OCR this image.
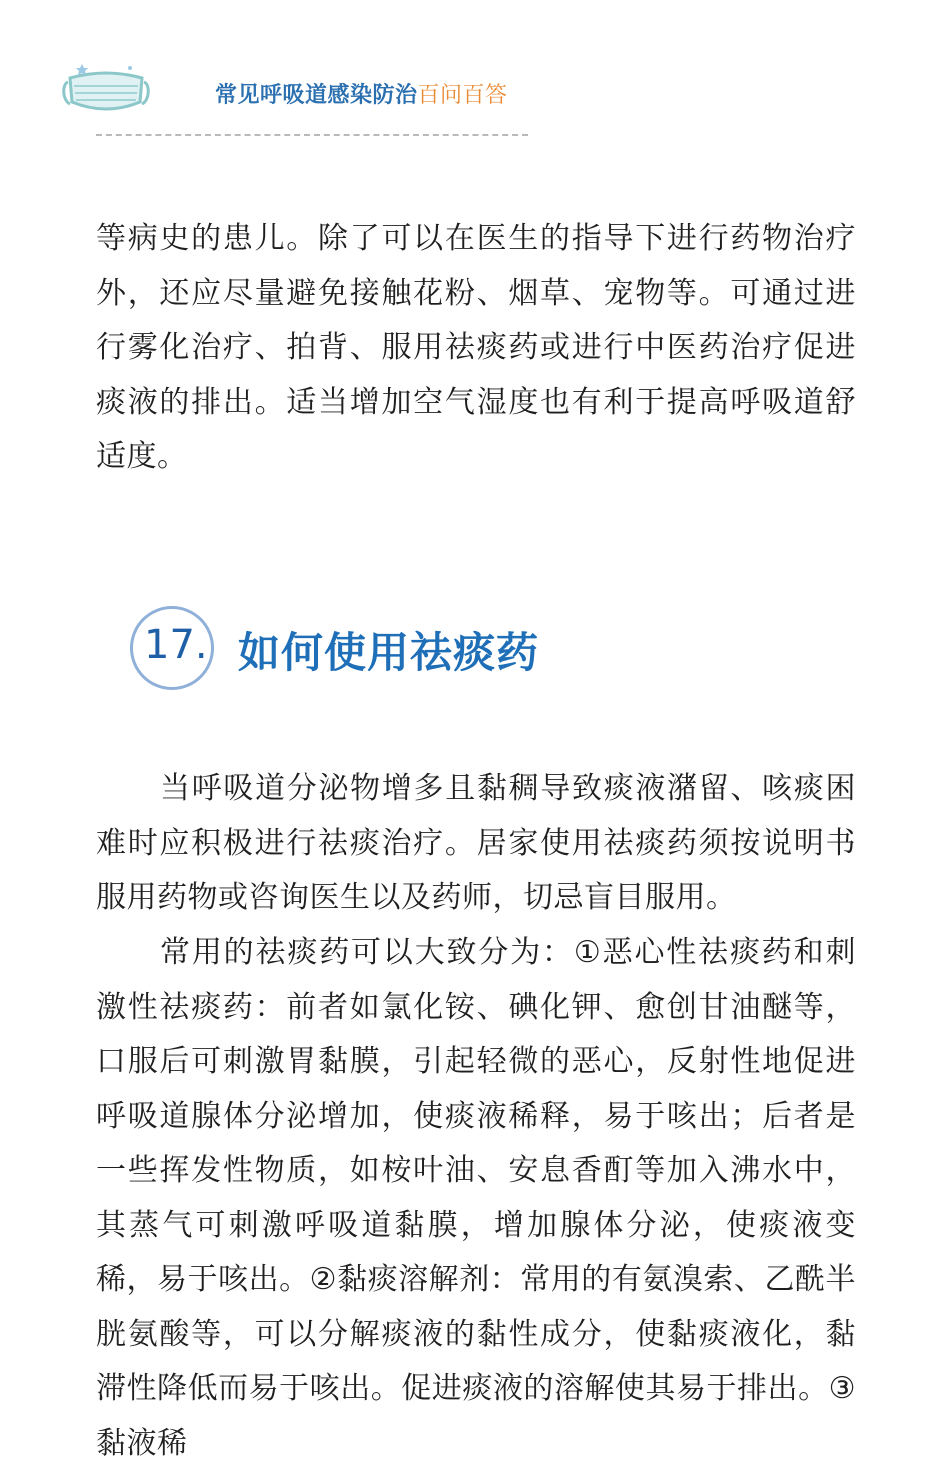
常见呼吸道感染防治百问百答

等病史的患儿。除了可以在医生的指导下进行药物治疗外，还应尽量避免接触花粉、烟草、宠物等。可通过进行雾化治疗、拍背、服用祛痰药或进行中医药治疗促进痰液的排出。适当增加空气湿度也有利于提高呼吸道舒适度。

17. 如何使用祛痰药

当呼吸道分泌物增多且黏稠导致痰液潴留、咳痰困难时应积极进行祛痰治疗。居家使用祛痰药须按说明书服用药物或咨询医生以及药师，切忌盲目服用。

常用的祛痰药可以大致分为：①恶心性祛痰药和刺激性祛痰药：前者如氯化铵、碘化钾、愈创甘油醚等，口服后可刺激胃黏膜，引起轻微的恶心，反射性地促进呼吸道腺体分泌增加，使痰液稀释，易于咳出；后者是一些挥发性物质，如桉叶油、安息香酊等加入沸水中，其蒸气可刺激呼吸道黏膜，增加腺体分泌，使痰液变稀，易于咳出。②黏痰溶解剂：常用的有氨溴索、乙酰半胱氨酸等，可以分解痰液的黏性成分，使黏痰液化，黏滞性降低而易于咳出。促进痰液的溶解使其易于排出。③黏液稀
